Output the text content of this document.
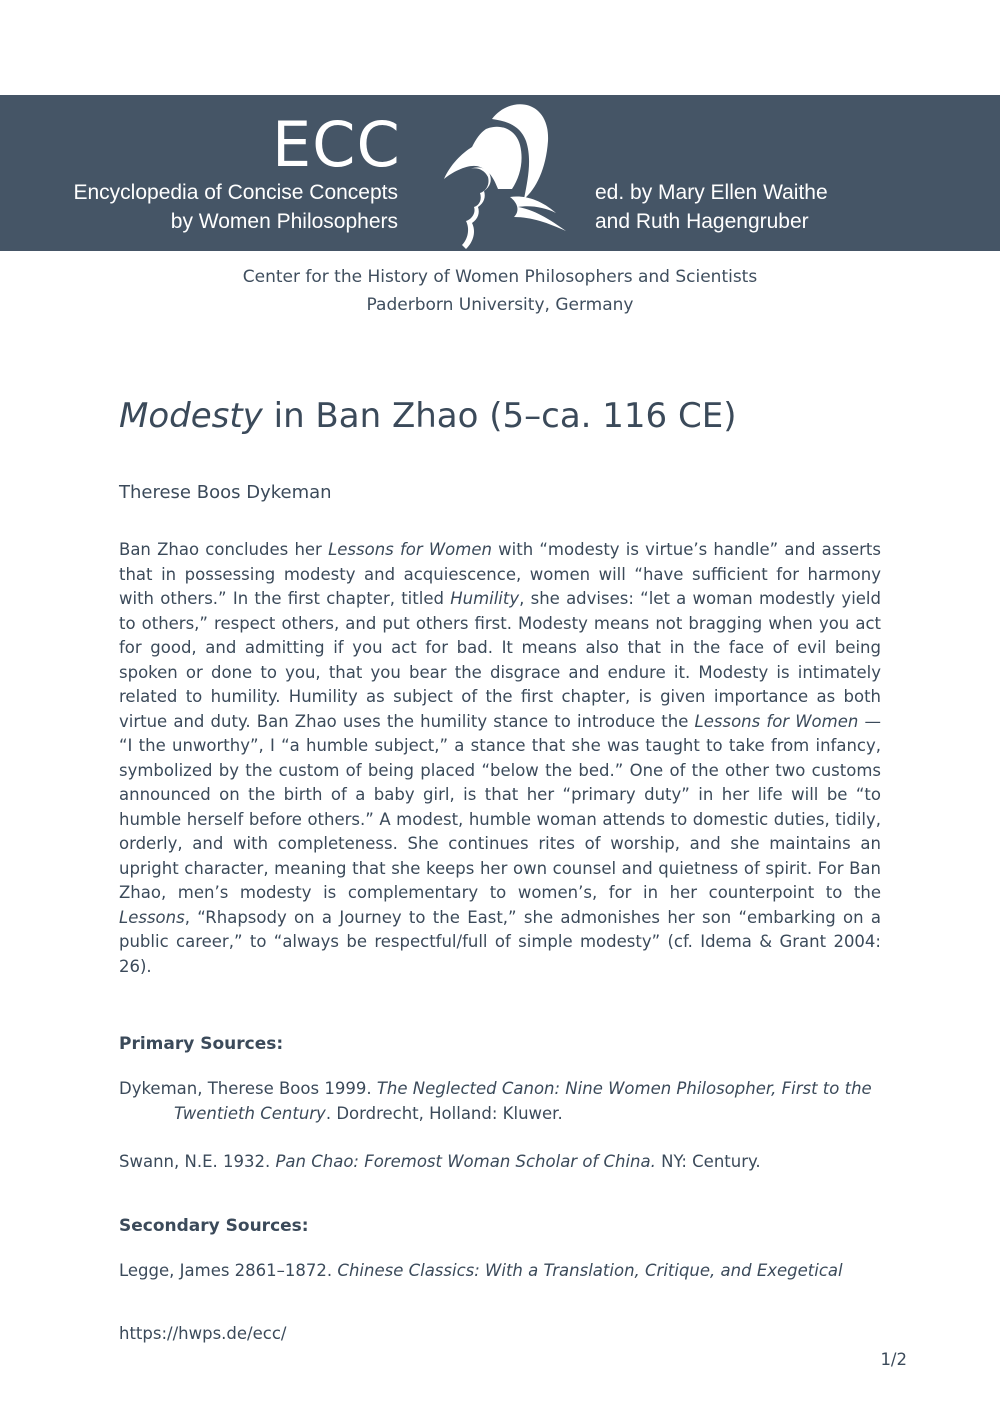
ECC
Encyclopedia of Concise Concepts
by Women Philosophers
ed. by Mary Ellen Waithe
and Ruth Hagengruber
Center for the History of Women Philosophers and Scientists
Paderborn University, Germany
Modesty in Ban Zhao (5–ca. 116 CE)
Therese Boos Dykeman

Ban Zhao concludes her Lessons for Women with “modesty is virtue’s handle” and asserts that in possessing modesty and acquiescence, women will “have sufficient for harmony with others.” In the first chapter, titled Humility, she advises: “let a woman modestly yield to others,” respect others, and put others first. Modesty means not bragging when you act for good, and admitting if you act for bad. It means also that in the face of evil being spoken or done to you, that you bear the disgrace and endure it. Modesty is intimately related to humility. Humility as subject of the first chapter, is given importance as both virtue and duty. Ban Zhao uses the humility stance to introduce the Lessons for Women — “I the unworthy”, I “a humble subject,” a stance that she was taught to take from infancy, symbolized by the custom of being placed “below the bed.” One of the other two customs announced on the birth of a baby girl, is that her “primary duty” in her life will be “to humble herself before others.” A modest, humble woman attends to domestic duties, tidily, orderly, and with completeness. She continues rites of worship, and she maintains an upright character, meaning that she keeps her own counsel and quietness of spirit. For Ban Zhao, men’s modesty is complementary to women’s, for in her counterpoint to the Lessons, “Rhapsody on a Journey to the East,” she admonishes her son “embarking on a public career,” to “always be respectful/full of simple modesty” (cf. Idema & Grant 2004: 26).

Primary Sources:

Dykeman, Therese Boos 1999. The Neglected Canon: Nine Women Philosopher, First to the Twentieth Century. Dordrecht, Holland: Kluwer.

Swann, N.E. 1932. Pan Chao: Foremost Woman Scholar of China. NY: Century.

Secondary Sources:

Legge, James 2861–1872. Chinese Classics: With a Translation, Critique, and Exegetical

https://hwps.de/ecc/
1/2
